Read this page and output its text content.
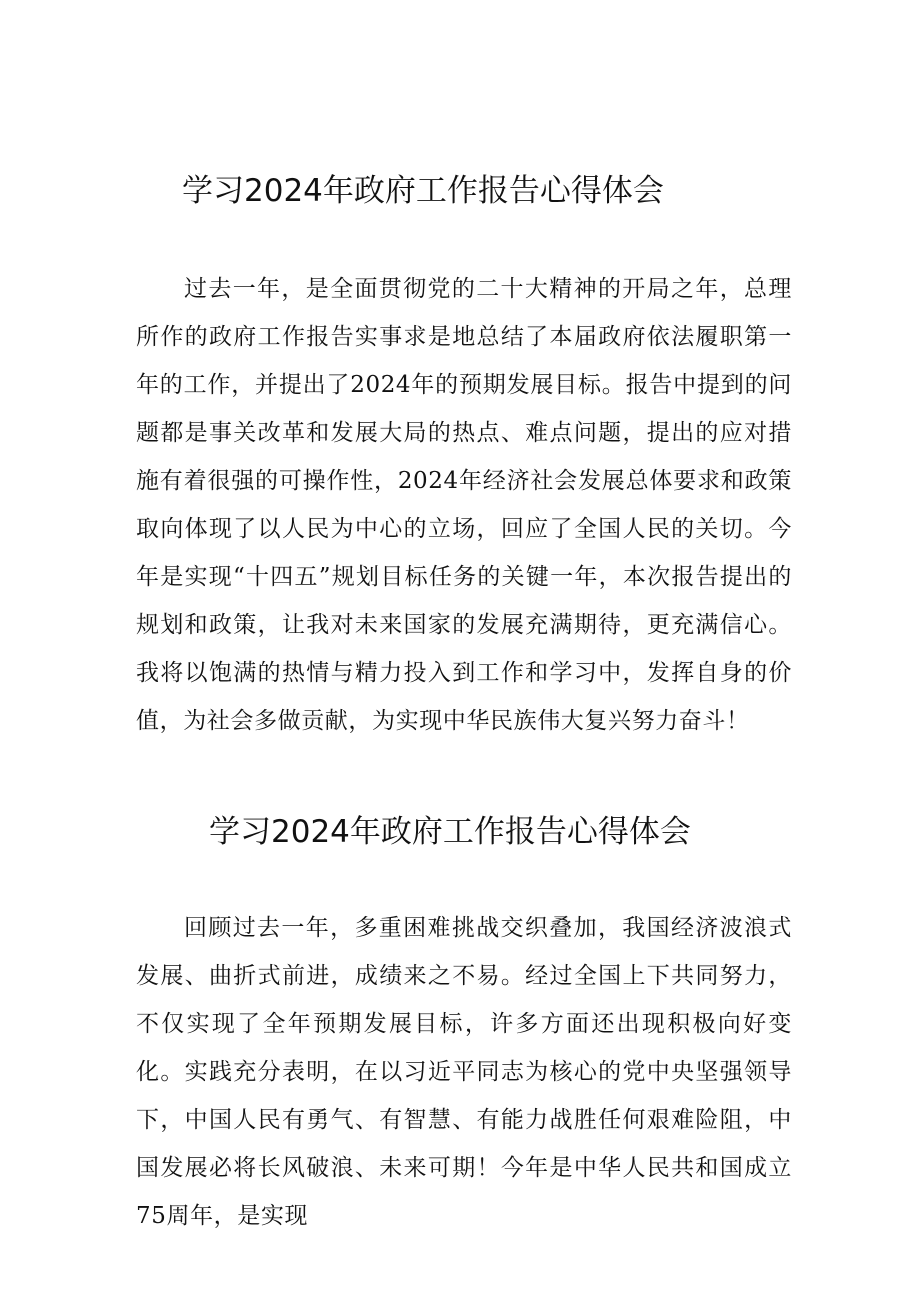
学习2024年政府工作报告心得体会

过去一年，是全面贯彻党的二十大精神的开局之年，总理所作的政府工作报告实事求是地总结了本届政府依法履职第一年的工作，并提出了2024年的预期发展目标。报告中提到的问题都是事关改革和发展大局的热点、难点问题，提出的应对措施有着很强的可操作性，2024年经济社会发展总体要求和政策取向体现了以人民为中心的立场，回应了全国人民的关切。今年是实现“十四五”规划目标任务的关键一年，本次报告提出的规划和政策，让我对未来国家的发展充满期待，更充满信心。我将以饱满的热情与精力投入到工作和学习中，发挥自身的价值，为社会多做贡献，为实现中华民族伟大复兴努力奋斗！

学习2024年政府工作报告心得体会

回顾过去一年，多重困难挑战交织叠加，我国经济波浪式发展、曲折式前进，成绩来之不易。经过全国上下共同努力，不仅实现了全年预期发展目标，许多方面还出现积极向好变化。实践充分表明，在以习近平同志为核心的党中央坚强领导下，中国人民有勇气、有智慧、有能力战胜任何艰难险阻，中国发展必将长风破浪、未来可期！今年是中华人民共和国成立75周年，是实现
